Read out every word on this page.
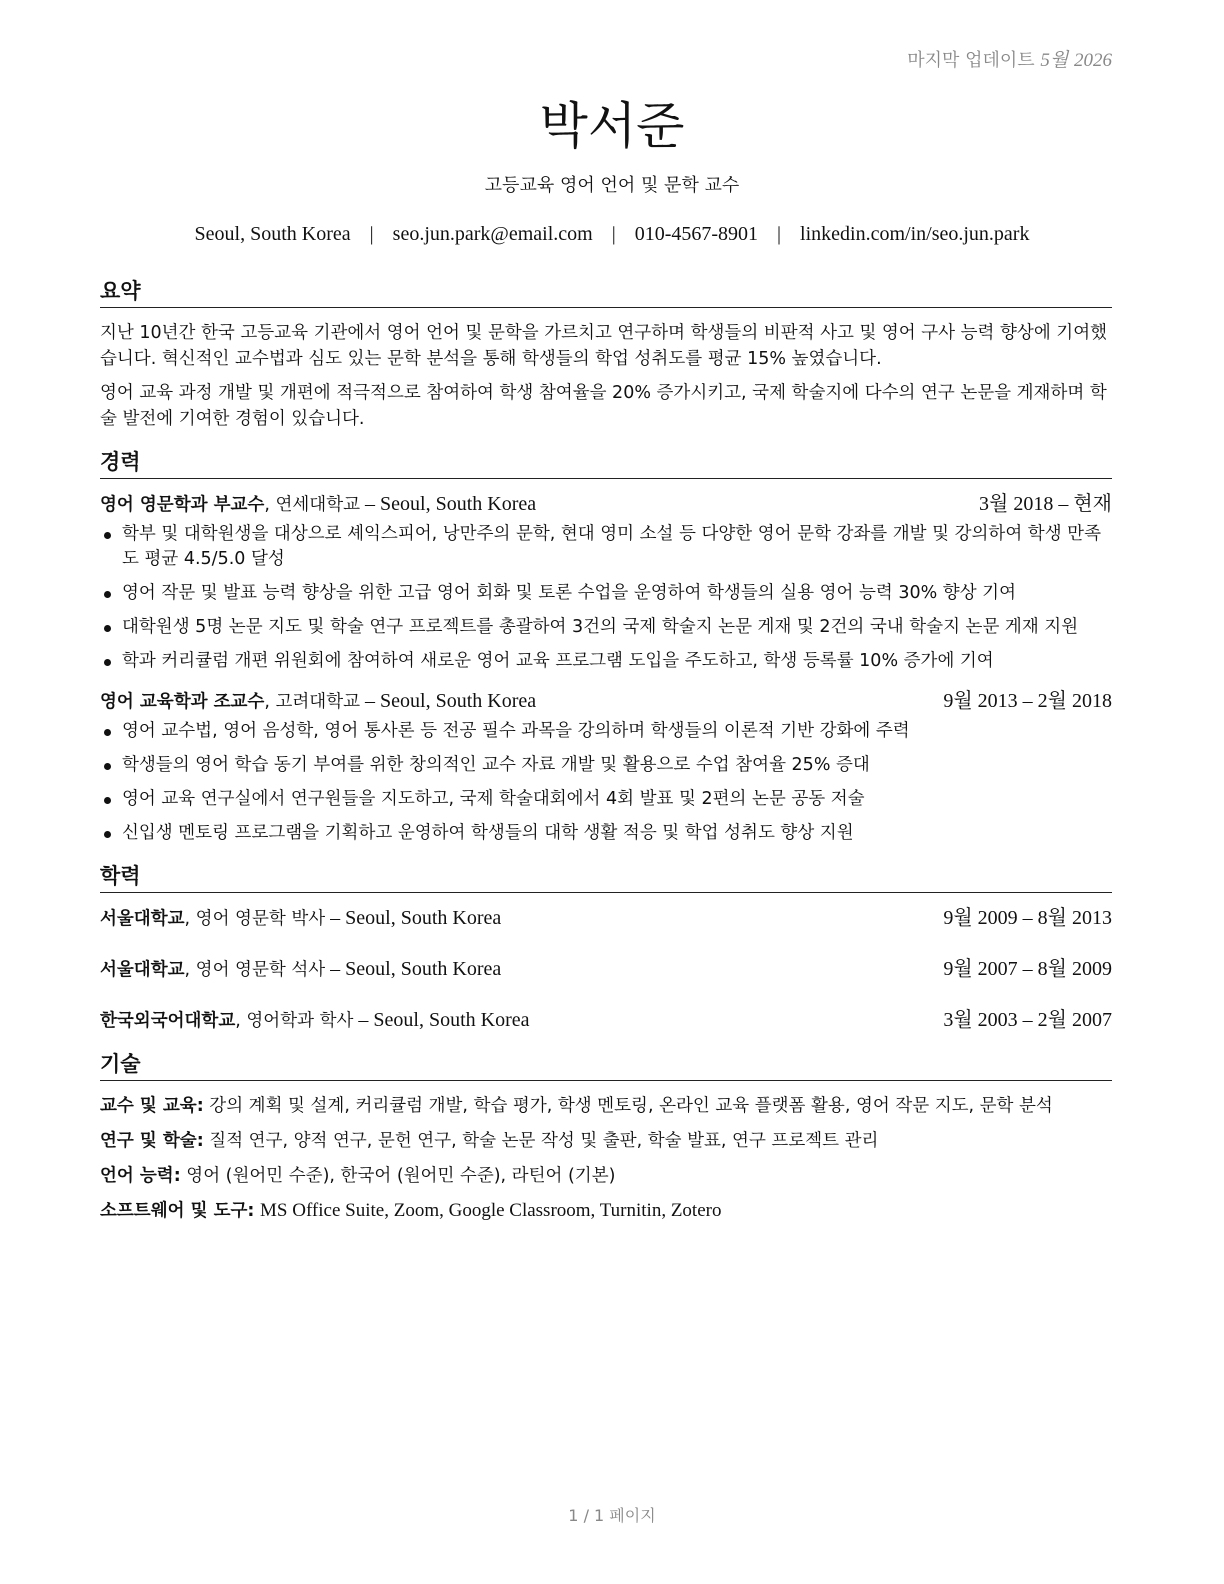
마지막 업데이트 5월 2026
박서준
고등교육 영어 언어 및 문학 교수
Seoul, South Korea | seo.jun.park@email.com | 010-4567-8901 | linkedin.com/in/seo.jun.park
요약

지난 10년간 한국 고등교육 기관에서 영어 언어 및 문학을 가르치고 연구하며 학생들의 비판적 사고 및 영어 구사 능력 향상에 기여했습니다. 혁신적인 교수법과 심도 있는 문학 분석을 통해 학생들의 학업 성취도를 평균 15% 높였습니다.

영어 교육 과정 개발 및 개편에 적극적으로 참여하여 학생 참여율을 20% 증가시키고, 국제 학술지에 다수의 연구 논문을 게재하며 학술 발전에 기여한 경험이 있습니다.

경력
영어 영문학과 부교수, 연세대학교 – Seoul, South Korea	3월 2018 – 현재
학부 및 대학원생을 대상으로 셰익스피어, 낭만주의 문학, 현대 영미 소설 등 다양한 영어 문학 강좌를 개발 및 강의하여 학생 만족도 평균 4.5/5.0 달성
영어 작문 및 발표 능력 향상을 위한 고급 영어 회화 및 토론 수업을 운영하여 학생들의 실용 영어 능력 30% 향상 기여
대학원생 5명 논문 지도 및 학술 연구 프로젝트를 총괄하여 3건의 국제 학술지 논문 게재 및 2건의 국내 학술지 논문 게재 지원
학과 커리큘럼 개편 위원회에 참여하여 새로운 영어 교육 프로그램 도입을 주도하고, 학생 등록률 10% 증가에 기여
영어 교육학과 조교수, 고려대학교 – Seoul, South Korea	9월 2013 – 2월 2018
영어 교수법, 영어 음성학, 영어 통사론 등 전공 필수 과목을 강의하며 학생들의 이론적 기반 강화에 주력
학생들의 영어 학습 동기 부여를 위한 창의적인 교수 자료 개발 및 활용으로 수업 참여율 25% 증대
영어 교육 연구실에서 연구원들을 지도하고, 국제 학술대회에서 4회 발표 및 2편의 논문 공동 저술
신입생 멘토링 프로그램을 기획하고 운영하여 학생들의 대학 생활 적응 및 학업 성취도 향상 지원
학력
서울대학교, 영어 영문학 박사 – Seoul, South Korea	9월 2009 – 8월 2013
서울대학교, 영어 영문학 석사 – Seoul, South Korea	9월 2007 – 8월 2009
한국외국어대학교, 영어학과 학사 – Seoul, South Korea	3월 2003 – 2월 2007
기술
교수 및 교육: 강의 계획 및 설계, 커리큘럼 개발, 학습 평가, 학생 멘토링, 온라인 교육 플랫폼 활용, 영어 작문 지도, 문학 분석
연구 및 학술: 질적 연구, 양적 연구, 문헌 연구, 학술 논문 작성 및 출판, 학술 발표, 연구 프로젝트 관리
언어 능력: 영어 (원어민 수준), 한국어 (원어민 수준), 라틴어 (기본)
소프트웨어 및 도구: MS Office Suite, Zoom, Google Classroom, Turnitin, Zotero
1 / 1 페이지
